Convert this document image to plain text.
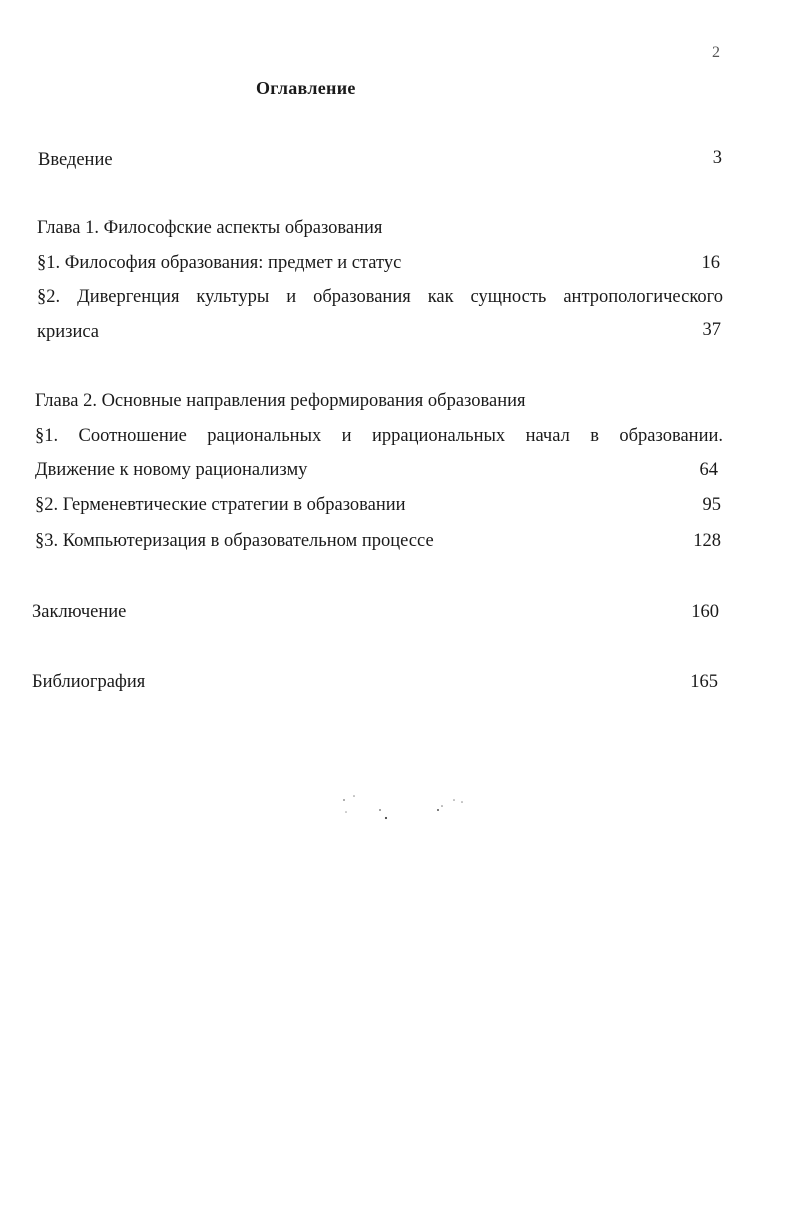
2
Оглавление
Введение	3
Глава 1. Философские аспекты образования
§1. Философия образования: предмет и статус	16
§2. Дивергенция культуры и образования как сущность антропологического
кризиса	37
Глава 2. Основные направления реформирования образования
§1. Соотношение рациональных и иррациональных начал в образовании.
Движение к новому рационализму	64
§2. Герменевтические стратегии в образовании	95
§3. Компьютеризация в образовательном процессе	128
Заключение	160
Библиография	165
